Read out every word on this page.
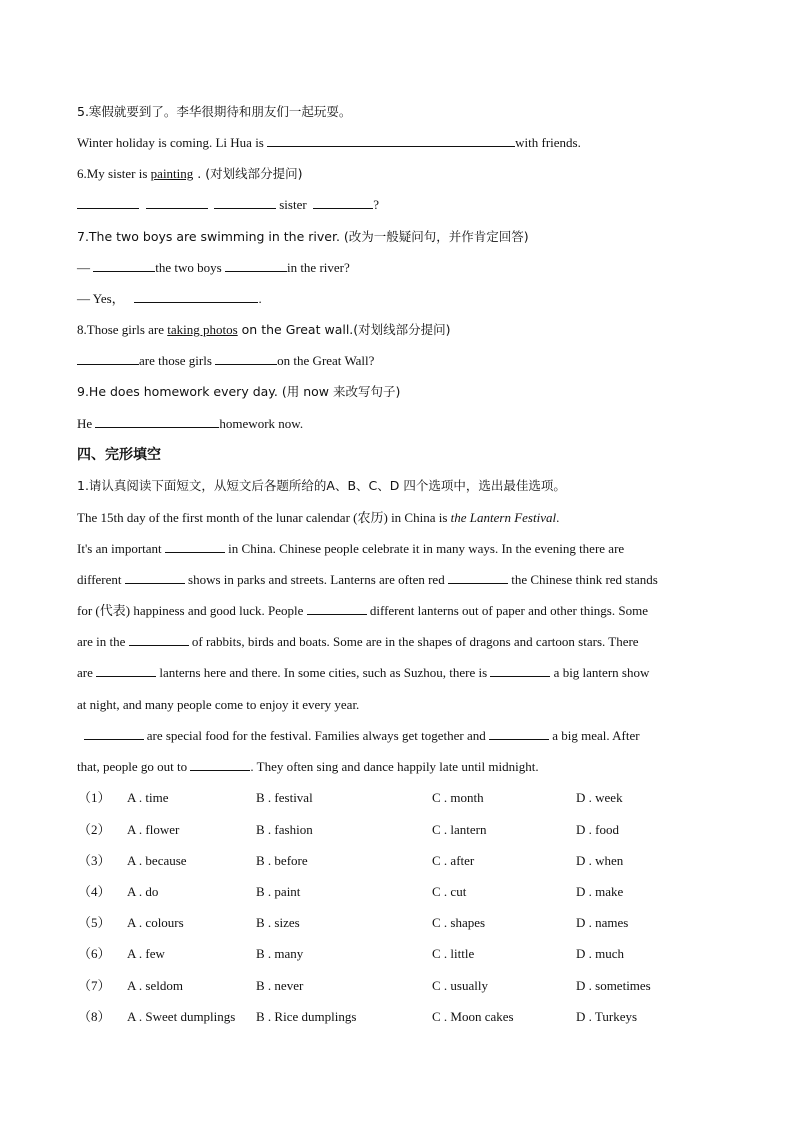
5.寒假就要到了。李华很期待和朋友们一起玩耍。
Winter holiday is coming. Li Hua is	with friends.
6.My sister is painting . (对划线部分提问)
sister	?
7.The two boys are swimming in the river. (改为一般疑问句，并作肯定回答)
—	the two boys	in the river?
— Yes，	.
8.Those girls are taking photos on the Great wall.(对划线部分提问)
are those girls	on the Great Wall?
9.He does homework every day. (用 now 来改写句子)
He	homework now.
四、完形填空
1.请认真阅读下面短文，从短文后各题所给的A、B、C、D 四个选项中，选出最佳选项。
The 15th day of the first month of the lunar calendar (农历) in China is the Lantern Festival.
It's an important	in China. Chinese people celebrate it in many ways. In the evening there are
different	shows in parks and streets. Lanterns are often red	the Chinese think red stands
for (代表) happiness and good luck. People	different lanterns out of paper and other things. Some
are in the	of rabbits, birds and boats. Some are in the shapes of dragons and cartoon stars. There
are	lanterns here and there. In some cities, such as Suzhou, there is	a big lantern show
at night, and many people come to enjoy it every year.
are special food for the festival. Families always get together and	a big meal. After
that, people go out to	. They often sing and dance happily late until midnight.
（1） A . time	B . festival	C . month	D . week
（2） A . flower	B . fashion	C . lantern	D . food
（3） A . because	B . before	C . after	D . when
（4） A . do	B . paint	C . cut	D . make
（5） A . colours	B . sizes	C . shapes	D . names
（6） A . few	B . many	C . little	D . much
（7） A . seldom	B . never	C . usually	D . sometimes
（8） A . Sweet dumplings B . Rice dumplings	C . Moon cakes	D . Turkeys
